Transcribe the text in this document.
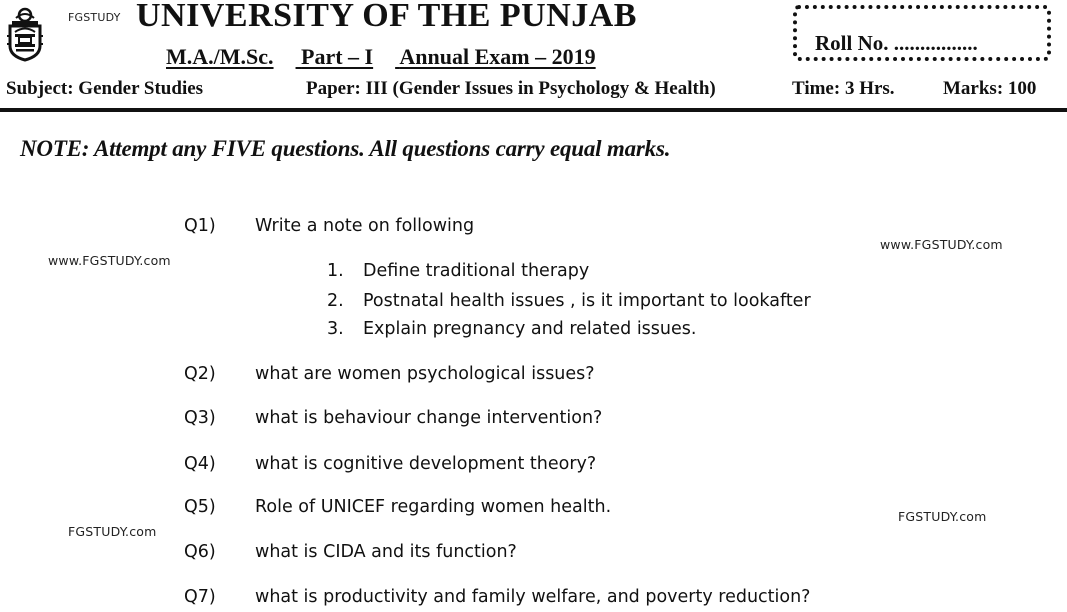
FGSTUDY UNIVERSITY OF THE PUNJAB
M.A./M.Sc. Part – I Annual Exam – 2019
Roll No. ................
Subject: Gender Studies	Paper: III (Gender Issues in Psychology & Health)	Time: 3 Hrs.	Marks: 100
NOTE: Attempt any FIVE questions. All questions carry equal marks.
www.FGSTUDY.com
www.FGSTUDY.com
FGSTUDY.com
FGSTUDY.com
Q1) Write a note on following
1. Define traditional therapy
2. Postnatal health issues , is it important to lookafter
3. Explain pregnancy and related issues.
Q2) what are women psychological issues?
Q3) what is behaviour change intervention?
Q4) what is cognitive development theory?
Q5) Role of UNICEF regarding women health.
Q6) what is CIDA and its function?
Q7) what is productivity and family welfare, and poverty reduction?
